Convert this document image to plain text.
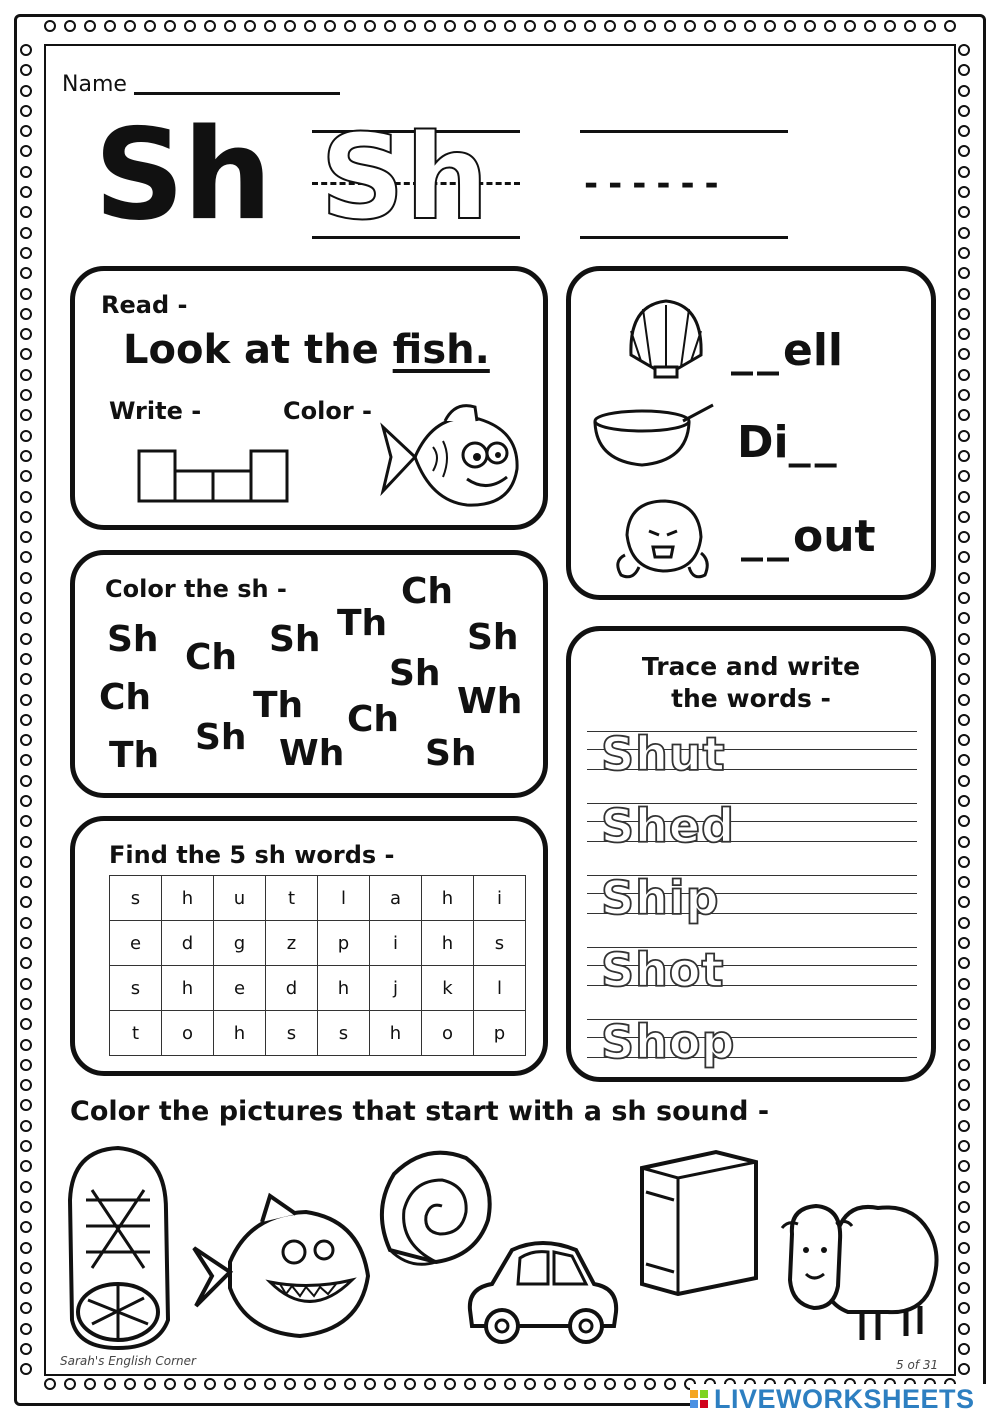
Name
Sh Sh	------
Read -
Look at the fish.
Write -	Color -
__ell
Di__
__out
Color the sh -
Sh Ch Sh Th
Ch
Sh
Ch
Sh
Th	Wh
Th Sh	Ch
Wh Sh
Trace and write
the words -
Shut
Shed
Ship
Shot
Shop
Find the 5 sh words -
s	h	u	t	l	a	h	i
e	d	g	z	p	i	h	s
s	h	e	d	h	j	k	l
t	o	h	s	s	h	o	p
Color the pictures that start with a sh sound -
Sarah's English Corner	5 of 31
LIVEWORKSHEETS
